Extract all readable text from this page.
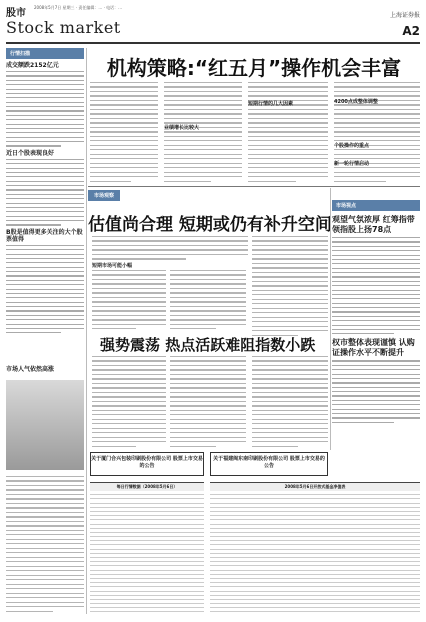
股市
2008年5月7日 星期三 · 责任编辑：… · 电话：…
Stock market
上海证券报
A2
行情扫描
成交额跌2152亿元
近日个股表现良好
B股是值得更多关注的大个股票值得
市场人气依然高涨
机构策略:“红五月”操作机会丰富
业绩增长比较大
短期行情的几大因素	4200点成整体调整
个股操作的重点
新一轮行情启动
市场观察
估值尚合理 短期或仍有补升空间
短期市场可能小幅
强势震荡 热点活跃难阻指数小跌
市场视点
观望气氛浓厚 红筹指带领指股上扬78点
权市整体表现谨慎 认购证操作水平不断提升
关于厦门合兴包装印刷股份有限公司 股票上市交易的公告
关于福建闽东南印刷股份有限公司 股票上市交易的公告
每日行情数据（2008年5月6日）	2008年5月6日开放式基金净值表
